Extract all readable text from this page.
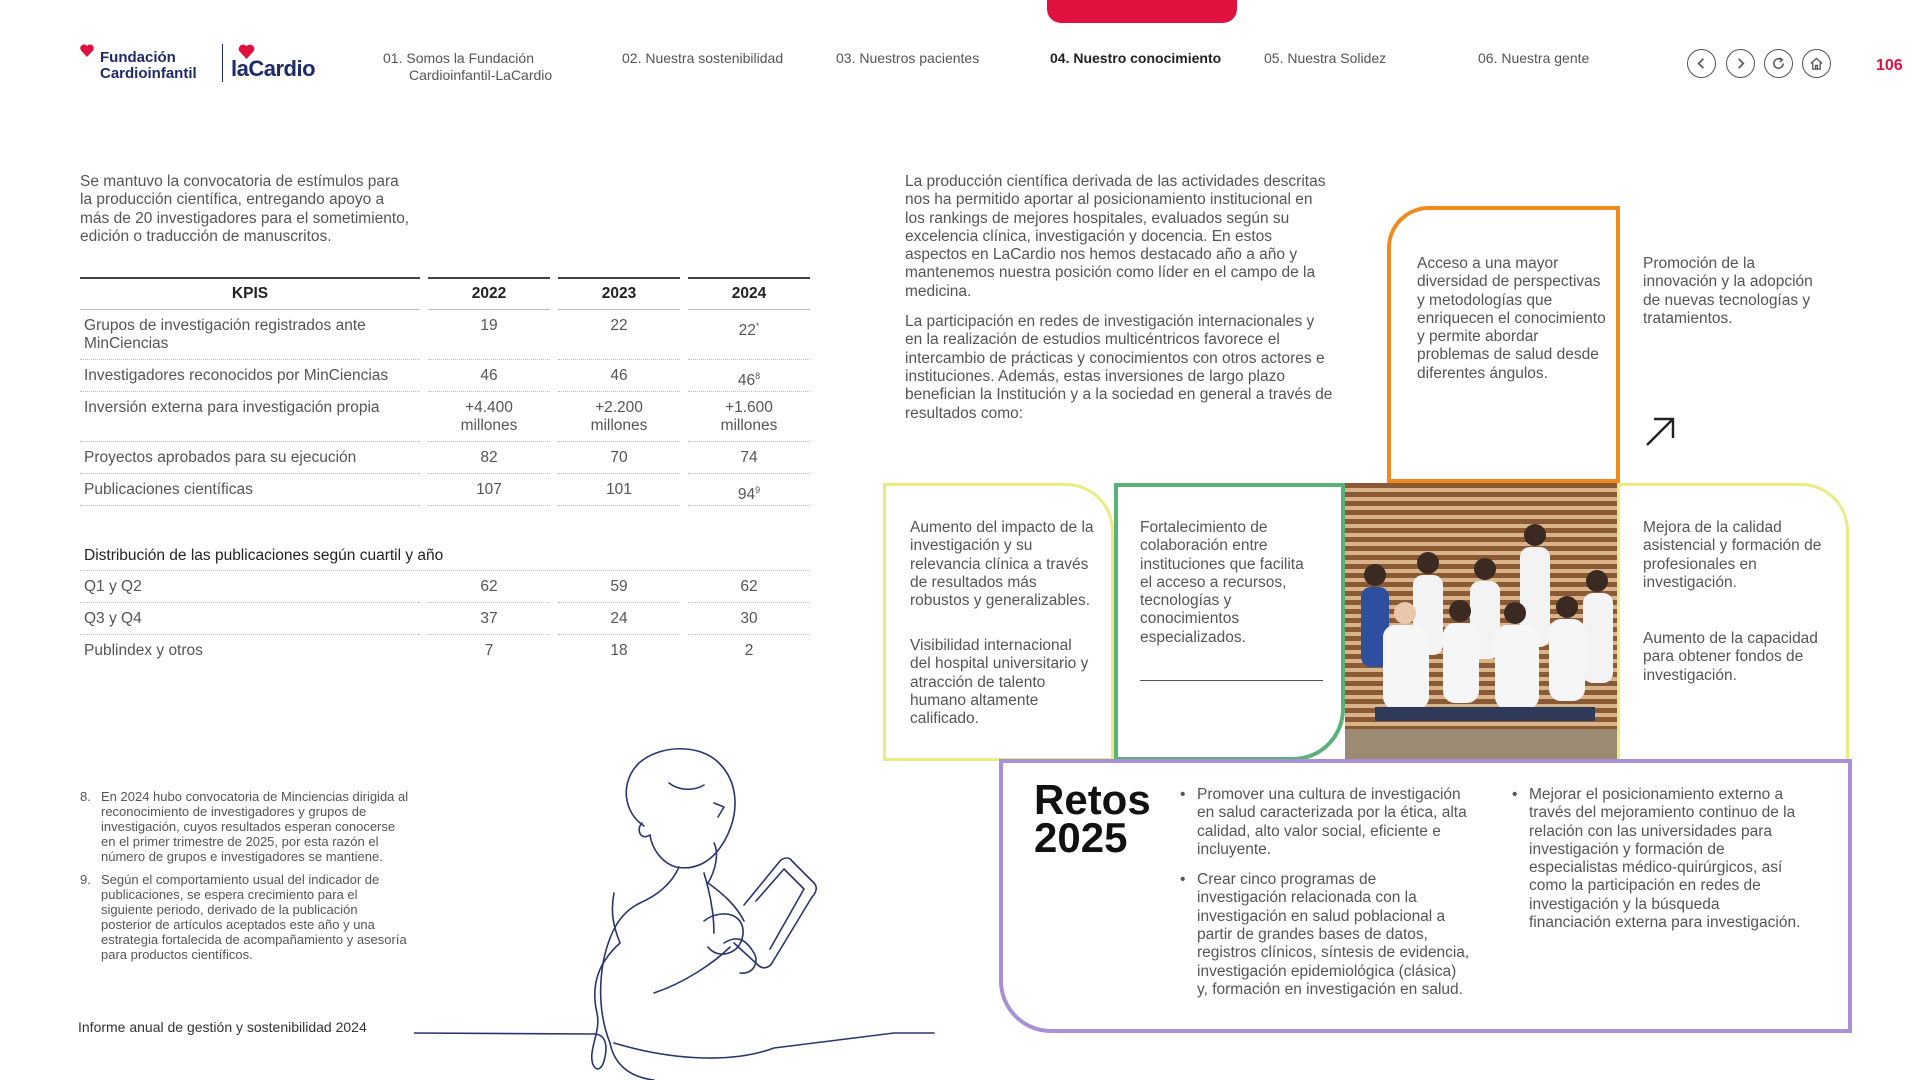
Fundación
Cardioinfantil laCardio	01. Somos la Fundación
Cardioinfantil-LaCardio
02. Nuestra sostenibilidad	03. Nuestros pacientes	04. Nuestro conocimiento	05. Nuestra Solidez	06. Nuestra gente	106
Se mantuvo la convocatoria de estímulos para la producción científica, entregando apoyo a más de 20 investigadores para el sometimiento, edición o traducción de manuscritos.
KPIS		2022		2023		2024
Grupos de investigación registrados ante MinCiencias		19		22		22*
Investigadores reconocidos por MinCiencias		46		46		$46^8$
Inversión externa para investigación propia		+4.400 millones		+2.200 millones		+1.600 millones
Proyectos aprobados para su ejecución		82		70		74
Publicaciones científicas		107		101		$94^9$

Distribución de las publicaciones según cuartil y año						
Q1 y Q2		62		59		62
Q3 y Q4		37		24		30
Publindex y otros		7		18		2
8. En 2024 hubo convocatoria de Minciencias dirigida al reconocimiento de investigadores y grupos de investigación, cuyos resultados esperan conocerse en el primer trimestre de 2025, por esta razón el número de grupos e investigadores se mantiene.
9. Según el comportamiento usual del indicador de publicaciones, se espera crecimiento para el siguiente periodo, derivado de la publicación posterior de artículos aceptados este año y una estrategia fortalecida de acompañamiento y asesoría para productos científicos.
Informe anual de gestión y sostenibilidad 2024

La producción científica derivada de las actividades descritas nos ha permitido aportar al posicionamiento institucional en los rankings de mejores hospitales, evaluados según su excelencia clínica, investigación y docencia. En estos aspectos en LaCardio nos hemos destacado año a año y mantenemos nuestra posición como líder en el campo de la medicina.

La participación en redes de investigación internacionales y en la realización de estudios multicéntricos favorece el intercambio de prácticas y conocimientos con otros actores e instituciones. Además, estas inversiones de largo plazo benefician la Institución y a la sociedad en general a través de resultados como:

Acceso a una mayor diversidad de perspectivas y metodologías que enriquecen el conocimiento y permite abordar problemas de salud desde diferentes ángulos.
Promoción de la innovación y la adopción de nuevas tecnologías y tratamientos.
Aumento del impacto de la investigación y su relevancia clínica a través de resultados más robustos y generalizables.
Visibilidad internacional del hospital universitario y atracción de talento humano altamente calificado.
Fortalecimiento de colaboración entre instituciones que facilita el acceso a recursos, tecnologías y conocimientos especializados.
Mejora de la calidad asistencial y formación de profesionales en investigación.
Aumento de la capacidad para obtener fondos de investigación.
Retos
2025
• Promover una cultura de investigación en salud caracterizada por la ética, alta calidad, alto valor social, eficiente e incluyente.
• Crear cinco programas de investigación relacionada con la investigación en salud poblacional a partir de grandes bases de datos, registros clínicos, síntesis de evidencia, investigación epidemiológica (clásica) y, formación en investigación en salud.
• Mejorar el posicionamiento externo a través del mejoramiento continuo de la relación con las universidades para investigación y formación de especialistas médico-quirúrgicos, así como la participación en redes de investigación y la búsqueda financiación externa para investigación.
